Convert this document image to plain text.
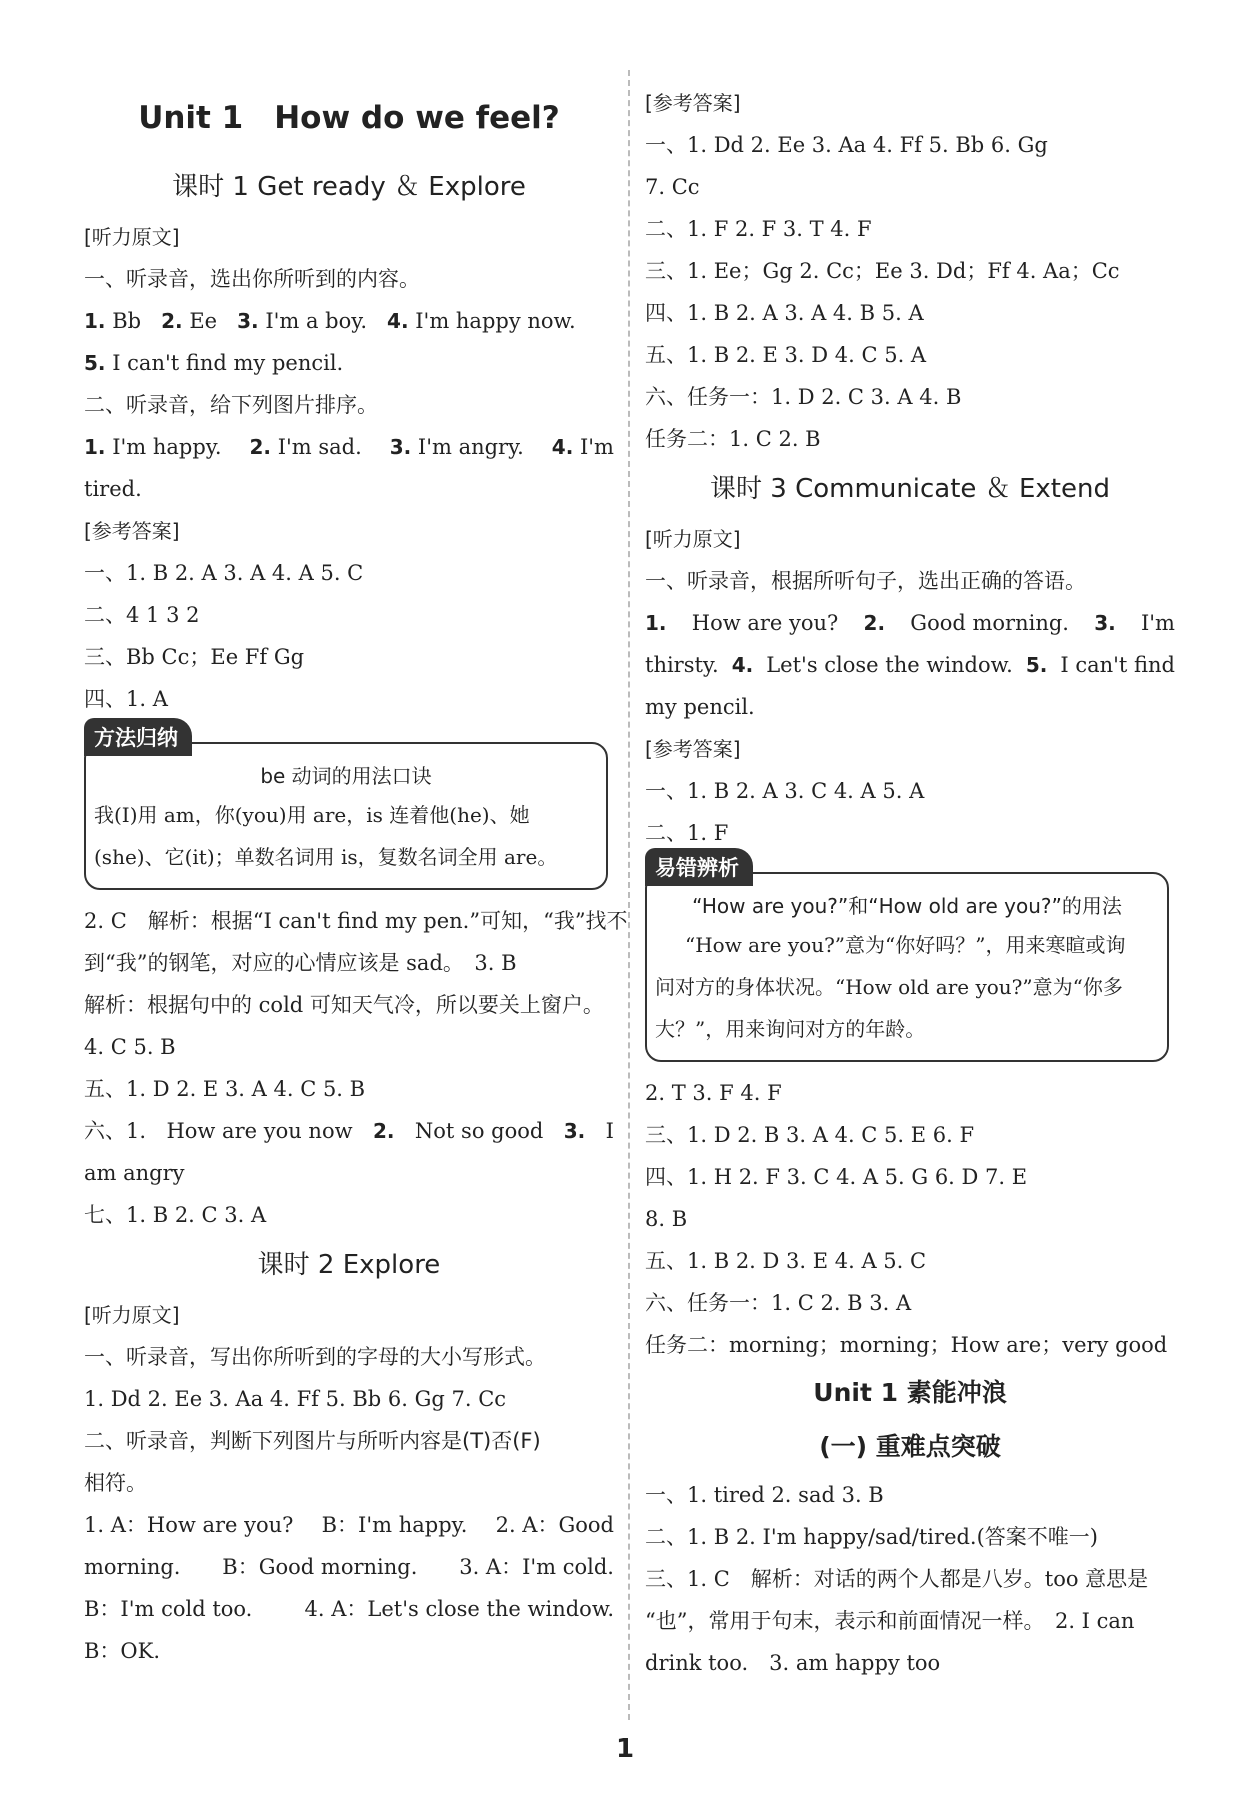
Unit 1　How do we feel?
课时 1 Get ready ＆ Explore
[听力原文]
一、听录音，选出你所听到的内容。
1. Bb 2. Ee 3. I'm a boy. 4. I'm happy now.
5. I can't find my pencil.
二、听录音，给下列图片排序。
1. I'm happy. 2. I'm sad. 3. I'm angry. 4. I'm
tired.
[参考答案]
一、1. B 2. A 3. A 4. A 5. C
二、4 1 3 2
三、Bb Cc；Ee Ff Gg
四、1. A
方法归纳
be 动词的用法口诀
我(I)用 am，你(you)用 are，is 连着他(he)、她
(she)、它(it)；单数名词用 is，复数名词全用 are。
2. C　解析：根据“I can't find my pen.”可知，“我”找不
到“我”的钢笔，对应的心情应该是 sad。　3. B
解析：根据句中的 cold 可知天气冷，所以要关上窗户。
4. C 5. B
五、1. D 2. E 3. A 4. C 5. B
六、1. How are you now 2. Not so good 3. I
am angry
七、1. B 2. C 3. A
课时 2 Explore
[听力原文]
一、听录音，写出你所听到的字母的大小写形式。
1. Dd 2. Ee 3. Aa 4. Ff 5. Bb 6. Gg 7. Cc
二、听录音，判断下列图片与所听内容是(T)否(F)
相符。
1. A：How are you? B：I'm happy. 2. A：Good
morning. B：Good morning. 3. A：I'm cold.
B：I'm cold too. 4. A：Let's close the window.
B：OK.
[参考答案]
一、1. Dd 2. Ee 3. Aa 4. Ff 5. Bb 6. Gg
7. Cc
二、1. F 2. F 3. T 4. F
三、1. Ee；Gg 2. Cc；Ee 3. Dd；Ff 4. Aa；Cc
四、1. B 2. A 3. A 4. B 5. A
五、1. B 2. E 3. D 4. C 5. A
六、任务一：1. D 2. C 3. A 4. B
任务二：1. C 2. B
课时 3 Communicate ＆ Extend
[听力原文]
一、听录音，根据所听句子，选出正确的答语。
1. How are you? 2. Good morning. 3. I'm
thirsty. 4. Let's close the window. 5. I can't find
my pencil.
[参考答案]
一、1. B 2. A 3. C 4. A 5. A
二、1. F
易错辨析
“How are you?”和“How old are you?”的用法
“How are you?”意为“你好吗？”，用来寒暄或询
问对方的身体状况。“How old are you?”意为“你多
大？”，用来询问对方的年龄。
2. T 3. F 4. F
三、1. D 2. B 3. A 4. C 5. E 6. F
四、1. H 2. F 3. C 4. A 5. G 6. D 7. E
8. B
五、1. B 2. D 3. E 4. A 5. C
六、任务一：1. C 2. B 3. A
任务二：morning；morning；How are；very good
Unit 1 素能冲浪
(一) 重难点突破
一、1. tired 2. sad 3. B
二、1. B 2. I'm happy/sad/tired.(答案不唯一)
三、1. C　解析：对话的两个人都是八岁。too 意思是
“也”，常用于句末，表示和前面情况一样。　2. I can
drink too.　3. am happy too
1
